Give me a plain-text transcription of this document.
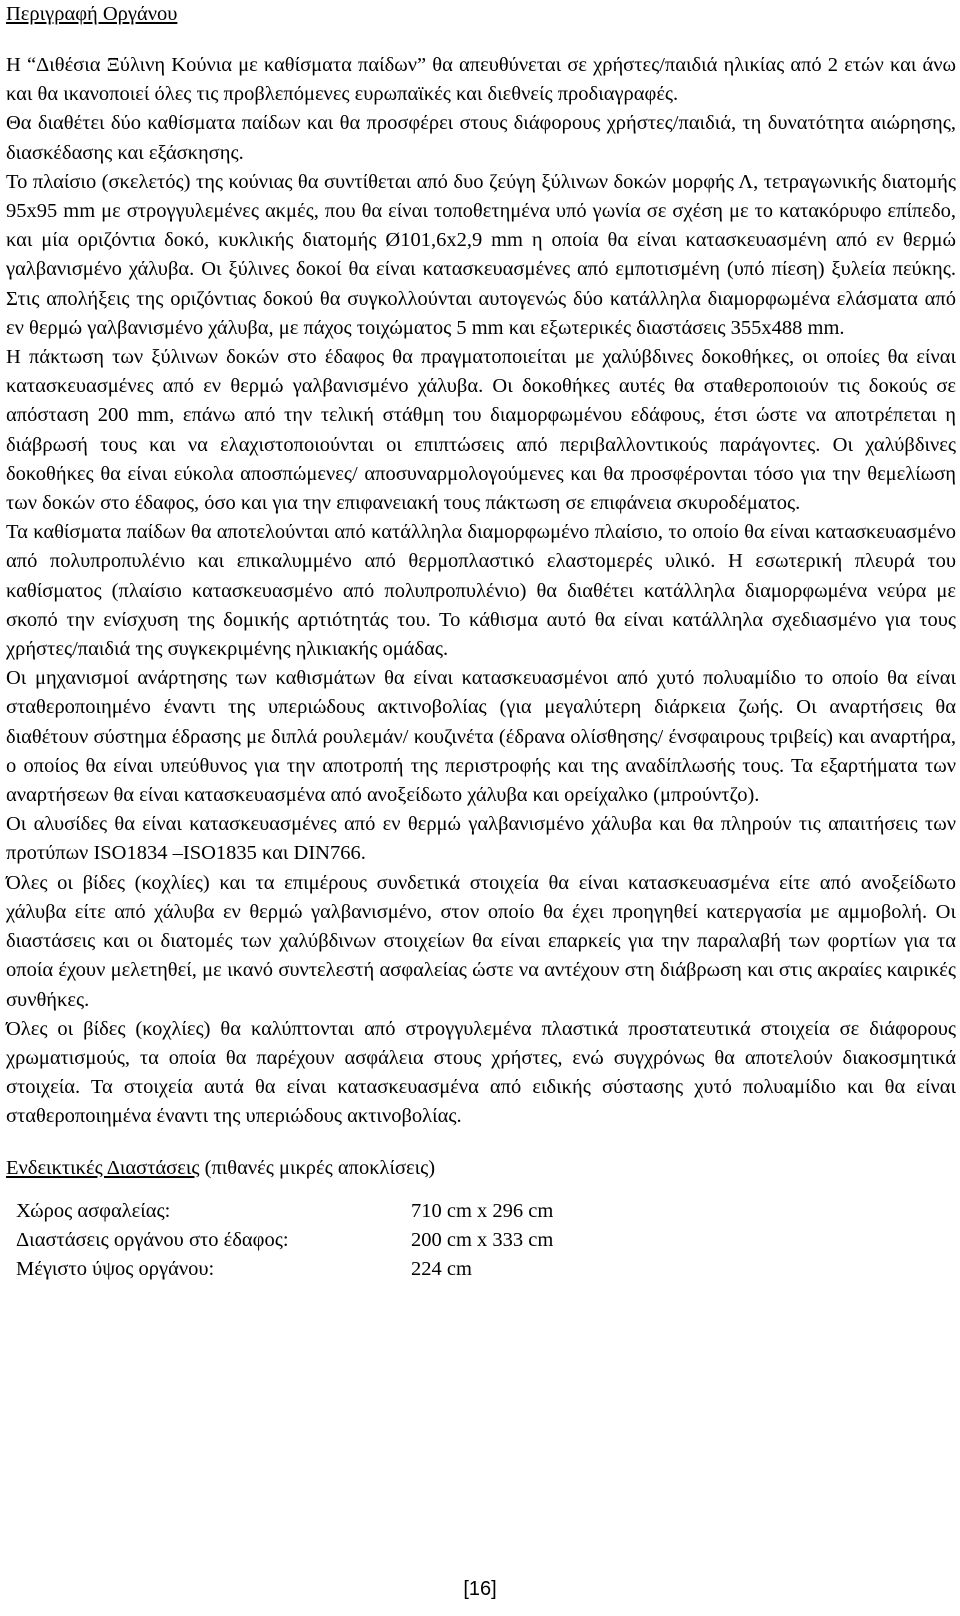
Περιγραφή Οργάνου

Η “Διθέσια Ξύλινη Κούνια με καθίσματα παίδων” θα απευθύνεται σε χρήστες/παιδιά ηλικίας από 2 ετών και άνω και θα ικανοποιεί όλες τις προβλεπόμενες ευρωπαϊκές και διεθνείς προδιαγραφές.

Θα διαθέτει δύο καθίσματα παίδων και θα προσφέρει στους διάφορους χρήστες/παιδιά, τη δυνατότητα αιώρησης, διασκέδασης και εξάσκησης.

Το πλαίσιο (σκελετός) της κούνιας θα συντίθεται από δυο ζεύγη ξύλινων δοκών μορφής Λ, τετραγωνικής διατομής 95x95 mm με στρογγυλεμένες ακμές, που θα είναι τοποθετημένα υπό γωνία σε σχέση με το κατακόρυφο επίπεδο, και μία οριζόντια δοκό, κυκλικής διατομής Ø101,6x2,9 mm η οποία θα είναι κατασκευασμένη από εν θερμώ γαλβανισμένο χάλυβα. Οι ξύλινες δοκοί θα είναι κατασκευασμένες από εμποτισμένη (υπό πίεση) ξυλεία πεύκης. Στις απολήξεις της οριζόντιας δοκού θα συγκολλούνται αυτογενώς δύο κατάλληλα διαμορφωμένα ελάσματα από εν θερμώ γαλβανισμένο χάλυβα, με πάχος τοιχώματος 5 mm και εξωτερικές διαστάσεις 355x488 mm.

Η πάκτωση των ξύλινων δοκών στο έδαφος θα πραγματοποιείται με χαλύβδινες δοκοθήκες, οι οποίες θα είναι κατασκευασμένες από εν θερμώ γαλβανισμένο χάλυβα. Οι δοκοθήκες αυτές θα σταθεροποιούν τις δοκούς σε απόσταση 200 mm, επάνω από την τελική στάθμη του διαμορφωμένου εδάφους, έτσι ώστε να αποτρέπεται η διάβρωσή τους και να ελαχιστοποιούνται οι επιπτώσεις από περιβαλλοντικούς παράγοντες. Οι χαλύβδινες δοκοθήκες θα είναι εύκολα αποσπώμενες/ αποσυναρμολογούμενες και θα προσφέρονται τόσο για την θεμελίωση των δοκών στο έδαφος, όσο και για την επιφανειακή τους πάκτωση σε επιφάνεια σκυροδέματος.

Τα καθίσματα παίδων θα αποτελούνται από κατάλληλα διαμορφωμένο πλαίσιο, το οποίο θα είναι κατασκευασμένο από πολυπροπυλένιο και επικαλυμμένο από θερμοπλαστικό ελαστομερές υλικό. Η εσωτερική πλευρά του καθίσματος (πλαίσιο κατασκευασμένο από πολυπροπυλένιο) θα διαθέτει κατάλληλα διαμορφωμένα νεύρα με σκοπό την ενίσχυση της δομικής αρτιότητάς του. Το κάθισμα αυτό θα είναι κατάλληλα σχεδιασμένο για τους χρήστες/παιδιά της συγκεκριμένης ηλικιακής ομάδας.

Οι μηχανισμοί ανάρτησης των καθισμάτων θα είναι κατασκευασμένοι από χυτό πολυαμίδιο το οποίο θα είναι σταθεροποιημένο έναντι της υπεριώδους ακτινοβολίας (για μεγαλύτερη διάρκεια ζωής. Οι αναρτήσεις θα διαθέτουν σύστημα έδρασης με διπλά ρουλεμάν/ κουζινέτα (έδρανα ολίσθησης/ ένσφαιρους τριβείς) και αναρτήρα, ο οποίος θα είναι υπεύθυνος για την αποτροπή της περιστροφής και της αναδίπλωσής τους. Τα εξαρτήματα των αναρτήσεων θα είναι κατασκευασμένα από ανοξείδωτο χάλυβα και ορείχαλκο (μπρούντζο).

Οι αλυσίδες θα είναι κατασκευασμένες από εν θερμώ γαλβανισμένο χάλυβα και θα πληρούν τις απαιτήσεις των προτύπων ISO1834 –ISO1835 και DIN766.

Όλες οι βίδες (κοχλίες) και τα επιμέρους συνδετικά στοιχεία θα είναι κατασκευασμένα είτε από ανοξείδωτο χάλυβα είτε από χάλυβα εν θερμώ γαλβανισμένο, στον οποίο θα έχει προηγηθεί κατεργασία με αμμοβολή. Οι διαστάσεις και οι διατομές των χαλύβδινων στοιχείων θα είναι επαρκείς για την παραλαβή των φορτίων για τα οποία έχουν μελετηθεί, με ικανό συντελεστή ασφαλείας ώστε να αντέχουν στη διάβρωση και στις ακραίες καιρικές συνθήκες.

Όλες οι βίδες (κοχλίες) θα καλύπτονται από στρογγυλεμένα πλαστικά προστατευτικά στοιχεία σε διάφορους χρωματισμούς, τα οποία θα παρέχουν ασφάλεια στους χρήστες, ενώ συγχρόνως θα αποτελούν διακοσμητικά στοιχεία. Τα στοιχεία αυτά θα είναι κατασκευασμένα από ειδικής σύστασης χυτό πολυαμίδιο και θα είναι σταθεροποιημένα έναντι της υπεριώδους ακτινοβολίας.

Ενδεικτικές Διαστάσεις (πιθανές μικρές αποκλίσεις)

Χώρος ασφαλείας:	710 cm x 296 cm
Διαστάσεις οργάνου στο έδαφος:	200 cm x 333 cm
Μέγιστο ύψος οργάνου:	224 cm
[16]
